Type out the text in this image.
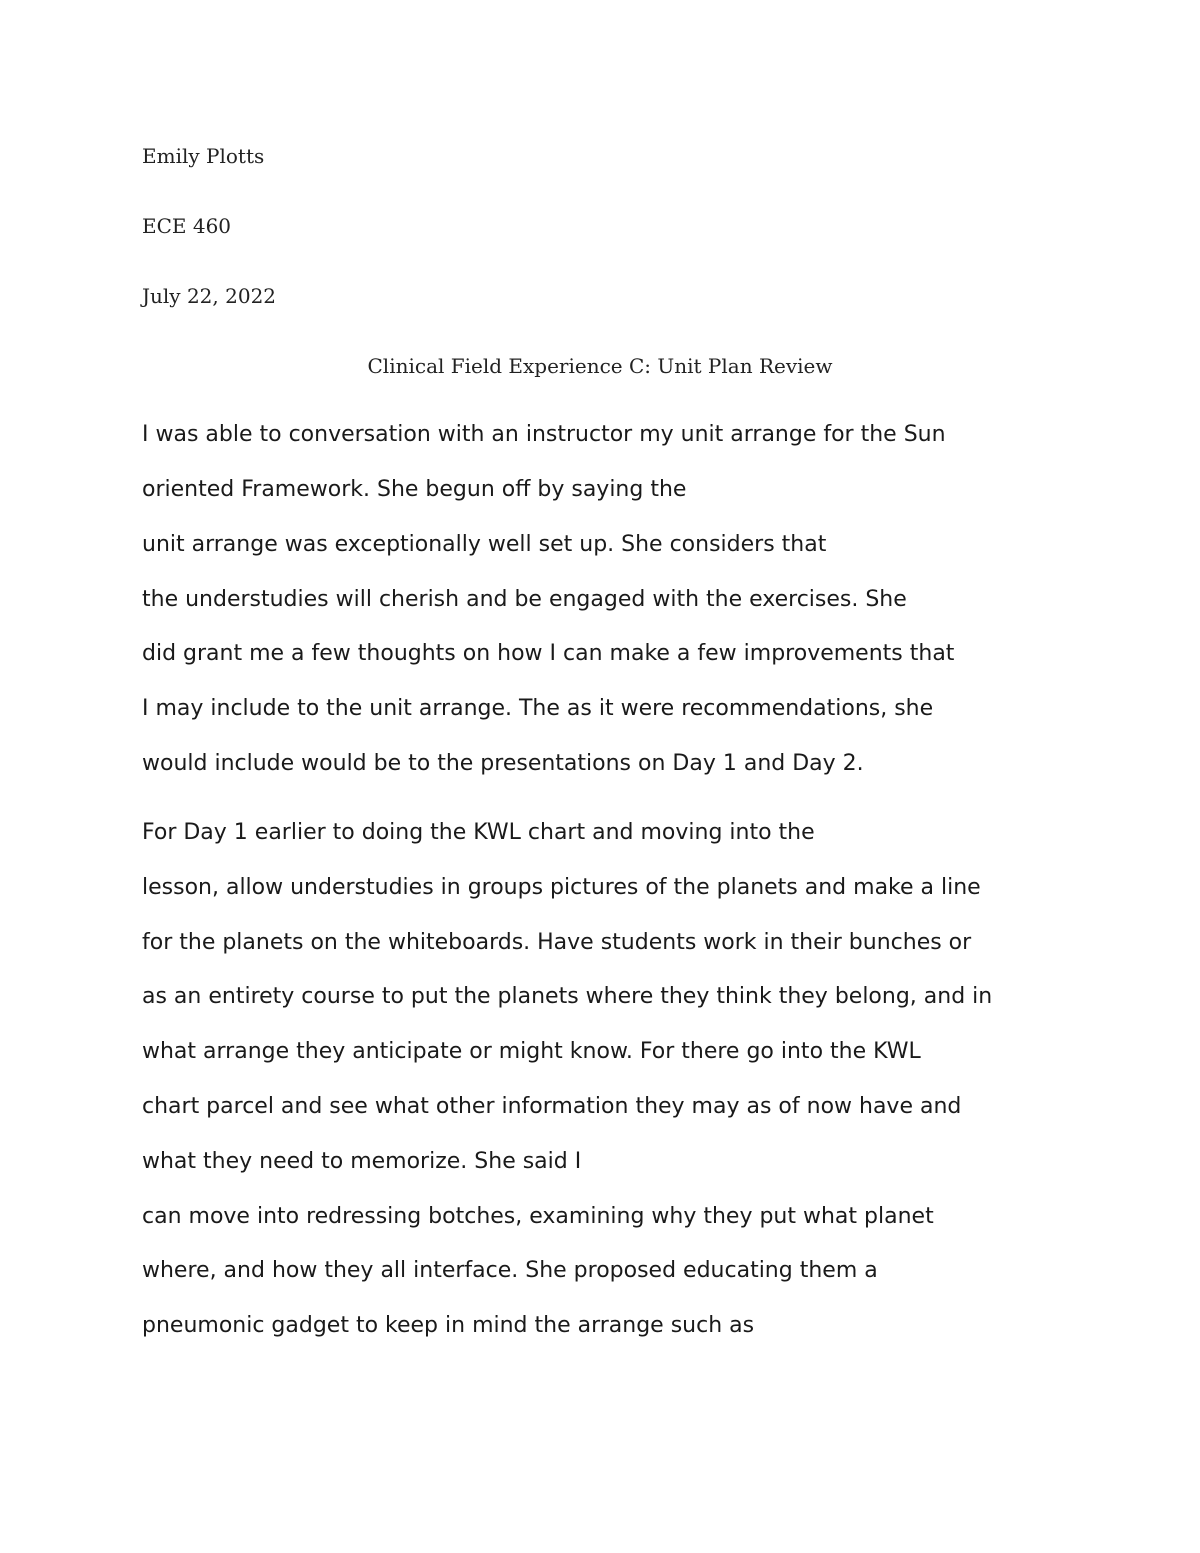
Emily Plotts
ECE 460
July 22, 2022
Clinical Field Experience C: Unit Plan Review
I was able to conversation with an instructor my unit arrange for the Sun
oriented Framework. She begun off by saying the
unit arrange was exceptionally well set up. She considers that
the understudies will cherish and be engaged with the exercises. She
did grant me a few thoughts on how I can make a few improvements that
I may include to the unit arrange. The as it were recommendations, she
would include would be to the presentations on Day 1 and Day 2.
For Day 1 earlier to doing the KWL chart and moving into the
lesson, allow understudies in groups pictures of the planets and make a line
for the planets on the whiteboards. Have students work in their bunches or
as an entirety course to put the planets where they think they belong, and in
what arrange they anticipate or might know. For there go into the KWL
chart parcel and see what other information they may as of now have and
what they need to memorize. She said I
can move into redressing botches, examining why they put what planet
where, and how they all interface. She proposed educating them a
pneumonic gadget to keep in mind the arrange such as
